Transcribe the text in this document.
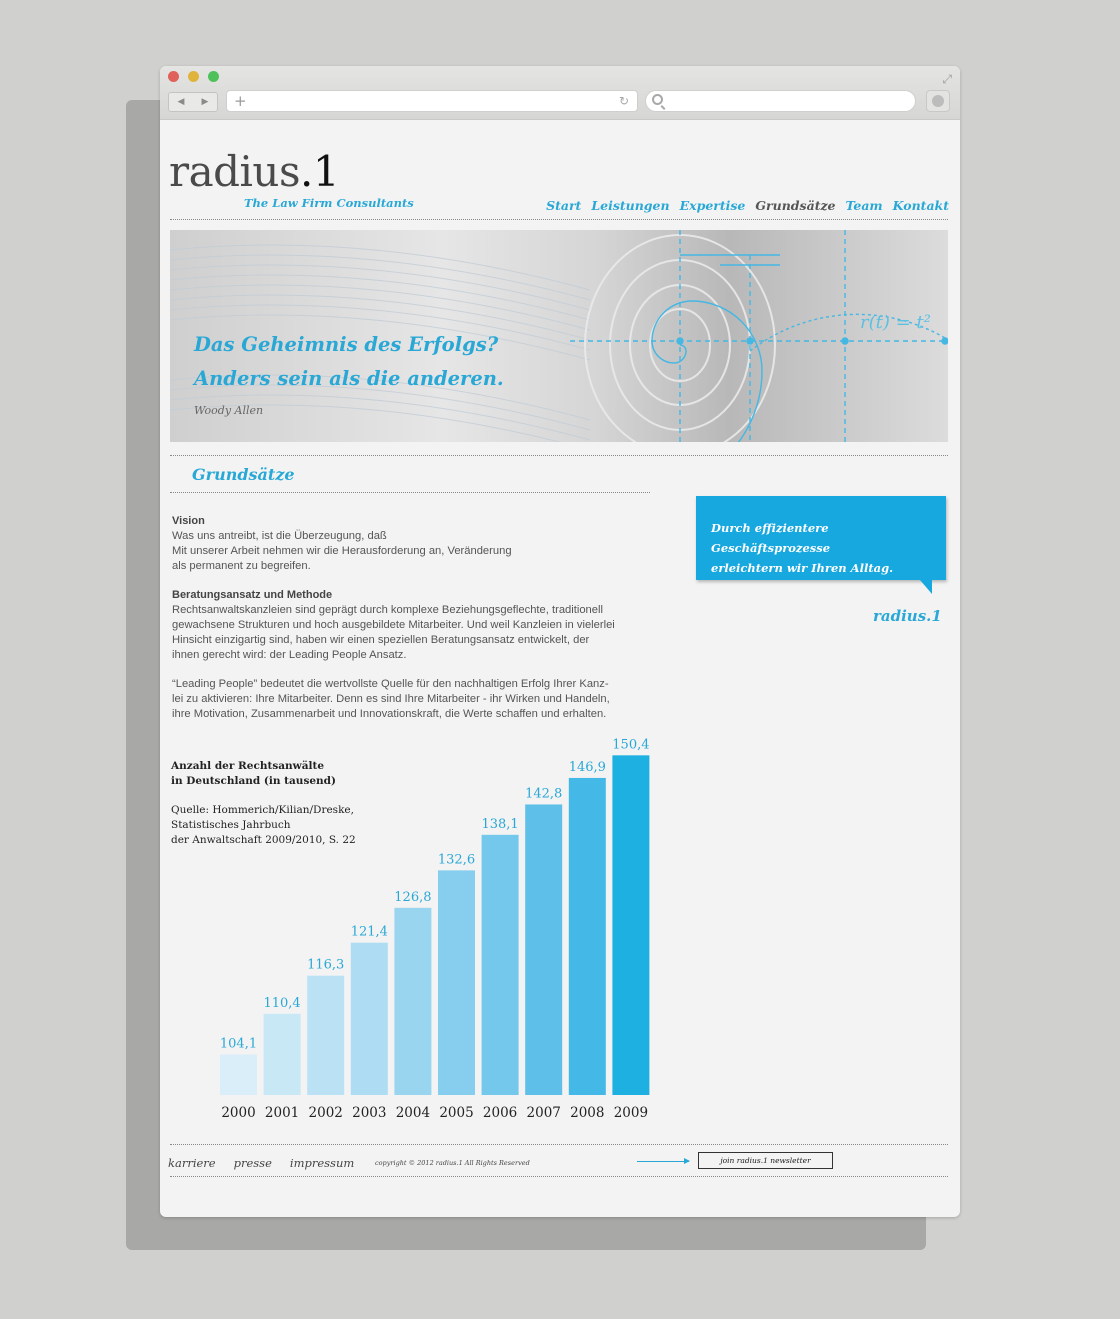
⤢
◀ ▶ +	↻
radius.1
The Law Firm Consultants	Start Leistungen Expertise Grundsätze Team Kontakt
Das Geheimnis des Erfolgs?
Anders sein als die anderen.
Woody Allen
r(t) = t²
Grundsätze
Vision
Was uns antreibt, ist die Überzeugung, daß
Mit unserer Arbeit nehmen wir die Herausforderung an, Veränderung
als permanent zu begreifen.
Beratungsansatz und Methode
Rechtsanwaltskanzleien sind geprägt durch komplexe Beziehungsgeflechte, traditionell
gewachsene Strukturen und hoch ausgebildete Mitarbeiter. Und weil Kanzleien in vielerlei
Hinsicht einzigartig sind, haben wir einen speziellen Beratungsansatz entwickelt, der
ihnen gerecht wird: der Leading People Ansatz.
“Leading People” bedeutet die wertvollste Quelle für den nachhaltigen Erfolg Ihrer Kanz-
lei zu aktivieren: Ihre Mitarbeiter. Denn es sind Ihre Mitarbeiter - ihr Wirken und Handeln,
ihre Motivation, Zusammenarbeit und Innovationskraft, die Werte schaffen und erhalten.
Durch effizientere Geschäftsprozesse
erleichtern wir Ihren Alltag.
radius.1
Anzahl der Rechtsanwälte
in Deutschland (in tausend)
Quelle: Hommerich/Kilian/Dreske,
Statistisches Jahrbuch
der Anwaltschaft 2009/2010, S. 22
104,1
2000
110,4
2001
116,3
2002
121,4
2003
126,8
2004
132,6
2005
138,1
2006
142,8
2007
146,9
2008
150,4
2009
karriere presse impressum	copyright © 2012 radius.1 All Rights Reserved	join radius.1 newsletter
